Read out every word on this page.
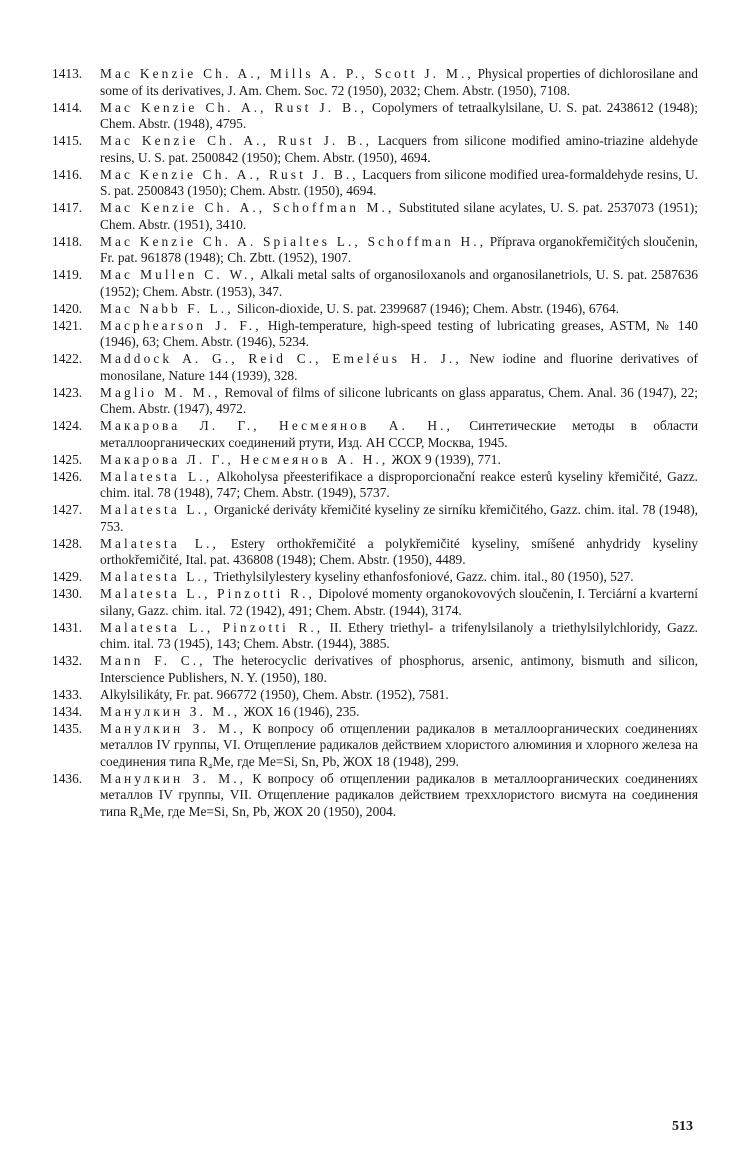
1413.	Mac Kenzie Ch. A., Mills A. P., Scott J. M., Physical properties of dichlorosilane and some of its derivatives, J. Am. Chem. Soc. 72 (1950), 2032; Chem. Abstr. (1950), 7108.
1414.	Mac Kenzie Ch. A., Rust J. B., Copolymers of tetraalkylsilane, U. S. pat. 2438612 (1948); Chem. Abstr. (1948), 4795.
1415.	Mac Kenzie Ch. A., Rust J. B., Lacquers from silicone modified amino-triazine aldehyde resins, U. S. pat. 2500842 (1950); Chem. Abstr. (1950), 4694.
1416.	Mac Kenzie Ch. A., Rust J. B., Lacquers from silicone modified urea-formaldehyde resins, U. S. pat. 2500843 (1950); Chem. Abstr. (1950), 4694.
1417.	Mac Kenzie Ch. A., Schoffman M., Substituted silane acylates, U. S. pat. 2537073 (1951); Chem. Abstr. (1951), 3410.
1418.	Mac Kenzie Ch. A. Spialtes L., Schoffman H., Příprava organokřemičitých sloučenin, Fr. pat. 961878 (1948); Ch. Zbtt. (1952), 1907.
1419.	Mac Mullen C. W., Alkali metal salts of organosiloxanols and organosilanetriols, U. S. pat. 2587636 (1952); Chem. Abstr. (1953), 347.
1420.	Mac Nabb F. L., Silicon-dioxide, U. S. pat. 2399687 (1946); Chem. Abstr. (1946), 6764.
1421.	Macphearson J. F., High-temperature, high-speed testing of lubricating greases, ASTM, № 140 (1946), 63; Chem. Abstr. (1946), 5234.
1422.	Maddock A. G., Reid C., Emeléus H. J., New iodine and fluorine derivatives of monosilane, Nature 144 (1939), 328.
1423.	Maglio M. M., Removal of films of silicone lubricants on glass apparatus, Chem. Anal. 36 (1947), 22; Chem. Abstr. (1947), 4972.
1424.	Макарова Л. Г., Несмеянов А. Н., Синтетические методы в области металлоорганических соединений ртути, Изд. АН СССР, Москва, 1945.
1425.	Макарова Л. Г., Несмеянов А. Н., ЖОХ 9 (1939), 771.
1426.	Malatesta L., Alkoholysa přeesterifikace a disproporcionační reakce esterů kyseliny křemičité, Gazz. chim. ital. 78 (1948), 747; Chem. Abstr. (1949), 5737.
1427.	Malatesta L., Organické deriváty křemičité kyseliny ze sirníku křemičitého, Gazz. chim. ital. 78 (1948), 753.
1428.	Malatesta L., Estery orthokřemičité a polykřemičité kyseliny, smíšené anhydridy kyseliny orthokřemičité, Ital. pat. 436808 (1948); Chem. Abstr. (1950), 4489.
1429.	Malatesta L., Triethylsilylestery kyseliny ethanfosfoniové, Gazz. chim. ital., 80 (1950), 527.
1430.	Malatesta L., Pinzotti R., Dipolové momenty organokovových sloučenin, I. Terciární a kvarterní silany, Gazz. chim. ital. 72 (1942), 491; Chem. Abstr. (1944), 3174.
1431.	Malatesta L., Pinzotti R., II. Ethery triethyl- a trifenylsilanoly a triethylsilylchloridy, Gazz. chim. ital. 73 (1945), 143; Chem. Abstr. (1944), 3885.
1432.	Mann F. C., The heterocyclic derivatives of phosphorus, arsenic, antimony, bismuth and silicon, Interscience Publishers, N. Y. (1950), 180.
1433.	Alkylsilikáty, Fr. pat. 966772 (1950), Chem. Abstr. (1952), 7581.
1434.	Манулкин З. М., ЖОХ 16 (1946), 235.
1435.	Манулкин З. М., К вопросу об отщеплении радикалов в металлоорганических соединениях металлов IV группы, VI. Отщепление радикалов действием хлористого алюминия и хлорного железа на соединения типа R₄Me, где Me=Si, Sn, Pb, ЖОХ 18 (1948), 299.
1436.	Манулкин З. М., К вопросу об отщеплении радикалов в металлоорганических соединениях металлов IV группы, VII. Отщепление радикалов действием треххлористого висмута на соединения типа R₄Me, где Me=Si, Sn, Pb, ЖОХ 20 (1950), 2004.
513
